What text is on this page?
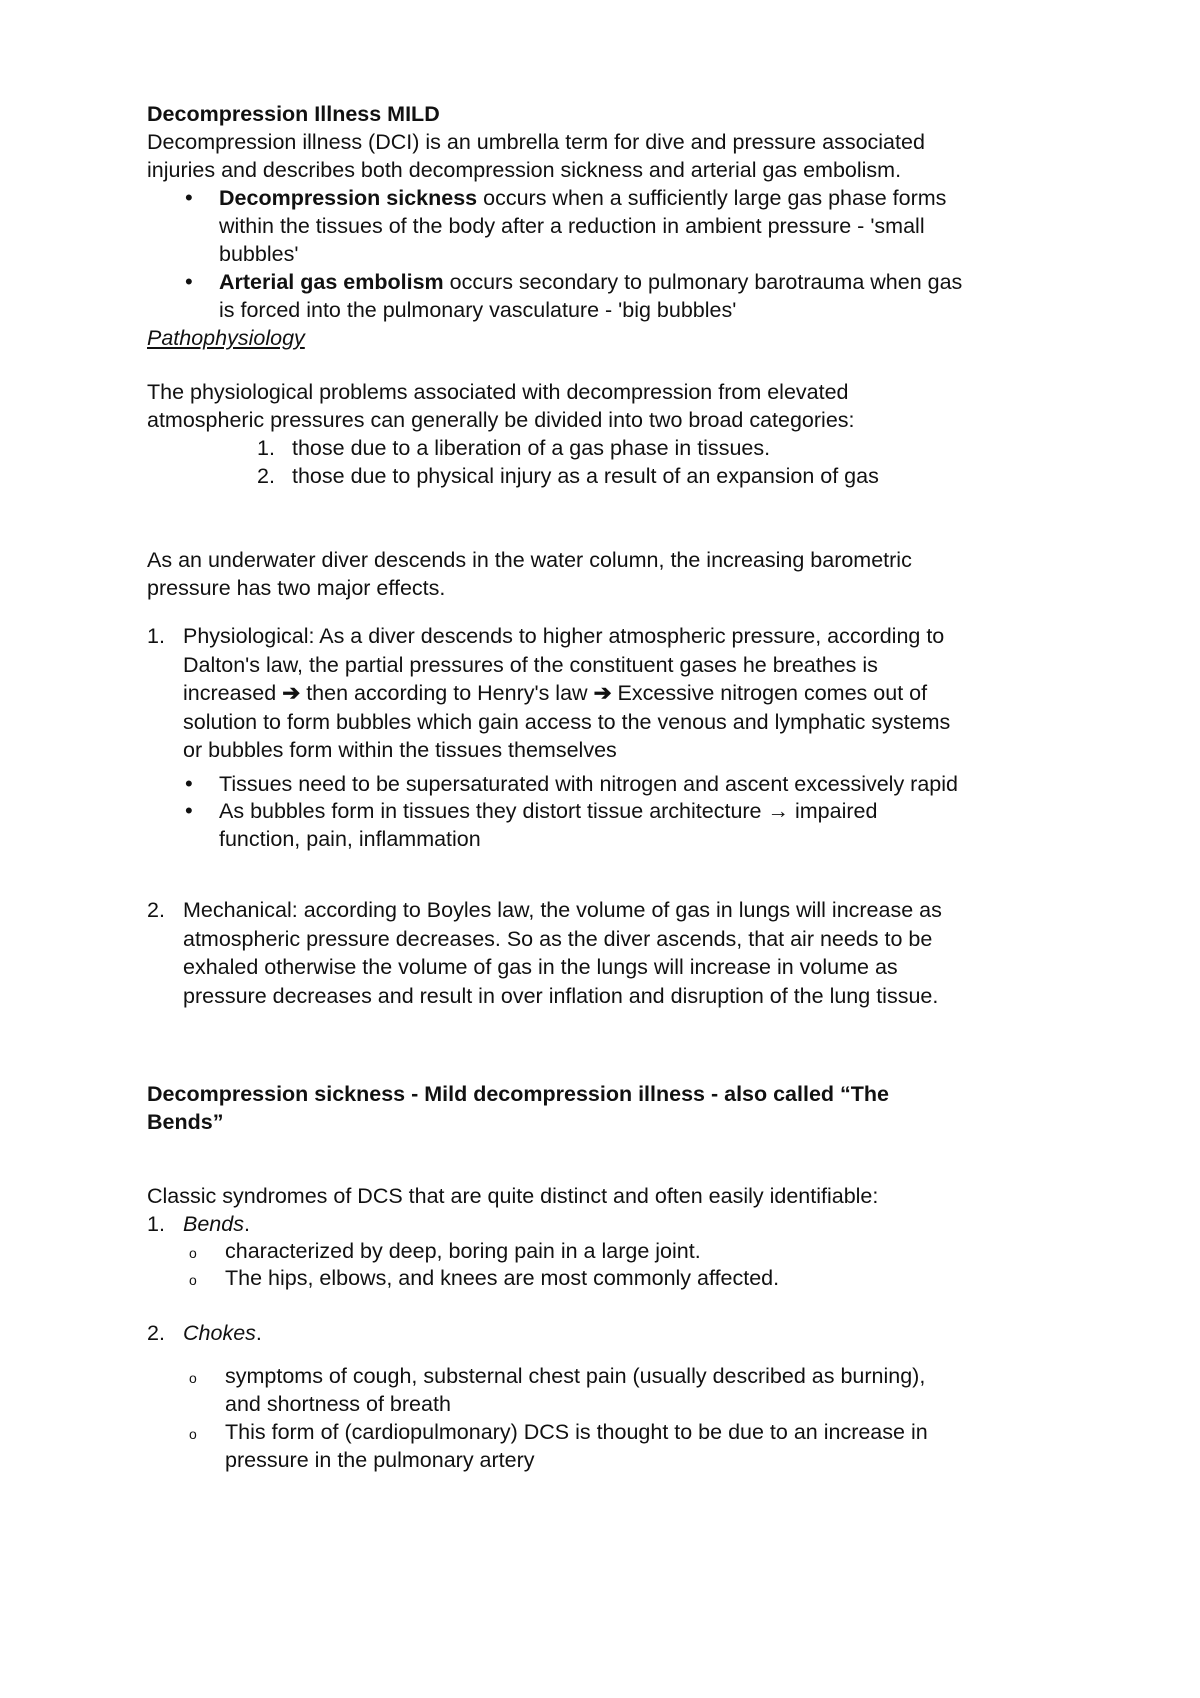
Decompression Illness MILD
Decompression illness (DCI) is an umbrella term for dive and pressure associated
injuries and describes both decompression sickness and arterial gas embolism.
• Decompression sickness occurs when a sufficiently large gas phase forms
within the tissues of the body after a reduction in ambient pressure - 'small
bubbles'
• Arterial gas embolism occurs secondary to pulmonary barotrauma when gas
is forced into the pulmonary vasculature - 'big bubbles'
Pathophysiology
The physiological problems associated with decompression from elevated
atmospheric pressures can generally be divided into two broad categories:
1. those due to a liberation of a gas phase in tissues.
2. those due to physical injury as a result of an expansion of gas
As an underwater diver descends in the water column, the increasing barometric
pressure has two major effects.
1. Physiological: As a diver descends to higher atmospheric pressure, according to
Dalton's law, the partial pressures of the constituent gases he breathes is
increased ➔ then according to Henry's law ➔ Excessive nitrogen comes out of
solution to form bubbles which gain access to the venous and lymphatic systems
or bubbles form within the tissues themselves
• Tissues need to be supersaturated with nitrogen and ascent excessively rapid
• As bubbles form in tissues they distort tissue architecture → impaired
function, pain, inflammation
2. Mechanical: according to Boyles law, the volume of gas in lungs will increase as
atmospheric pressure decreases. So as the diver ascends, that air needs to be
exhaled otherwise the volume of gas in the lungs will increase in volume as
pressure decreases and result in over inflation and disruption of the lung tissue.
Decompression sickness - Mild decompression illness - also called “The
Bends”
Classic syndromes of DCS that are quite distinct and often easily identifiable:
1. Bends.
o characterized by deep, boring pain in a large joint.
o The hips, elbows, and knees are most commonly affected.
2. Chokes.
o symptoms of cough, substernal chest pain (usually described as burning),
and shortness of breath
o This form of (cardiopulmonary) DCS is thought to be due to an increase in
pressure in the pulmonary artery
